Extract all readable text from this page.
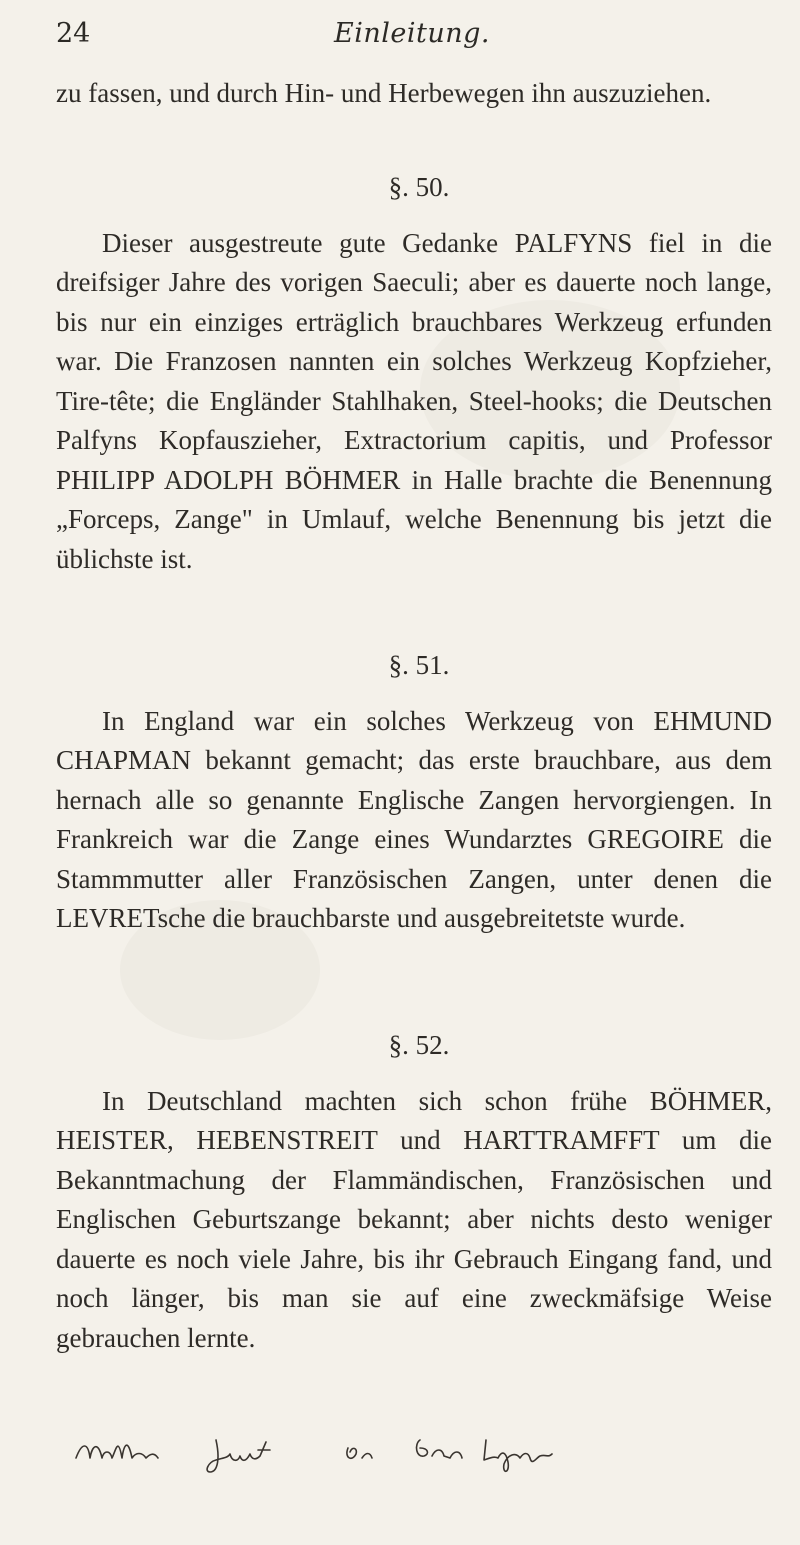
24	Einleitung.

zu fassen, und durch Hin- und Herbewegen ihn auszuziehen.

§. 50.

Dieser ausgestreute gute Gedanke PALFYNS fiel in die dreifsiger Jahre des vorigen Saeculi; aber es dauerte noch lange, bis nur ein einziges erträglich brauchbares Werkzeug erfunden war. Die Franzosen nannten ein solches Werkzeug Kopfzieher, Tire-tête; die Engländer Stahlhaken, Steel-hooks; die Deutschen Palfyns Kopfauszieher, Extractorium capitis, und Professor PHILIPP ADOLPH BÖHMER in Halle brachte die Benennung „Forceps, Zange" in Umlauf, welche Benennung bis jetzt die üblichste ist.

§. 51.

In England war ein solches Werkzeug von EHMUND CHAPMAN bekannt gemacht; das erste brauchbare, aus dem hernach alle so genannte Englische Zangen hervorgiengen. In Frankreich war die Zange eines Wundarztes GREGOIRE die Stammmutter aller Französischen Zangen, unter denen die LEVRETsche die brauchbarste und ausgebreitetste wurde.

§. 52.

In Deutschland machten sich schon frühe BÖHMER, HEISTER, HEBENSTREIT und HARTTRAMFFT um die Bekanntmachung der Flammändischen, Französischen und Englischen Geburtszange bekannt; aber nichts desto weniger dauerte es noch viele Jahre, bis ihr Gebrauch Eingang fand, und noch länger, bis man sie auf eine zweckmäfsige Weise gebrauchen lernte.
